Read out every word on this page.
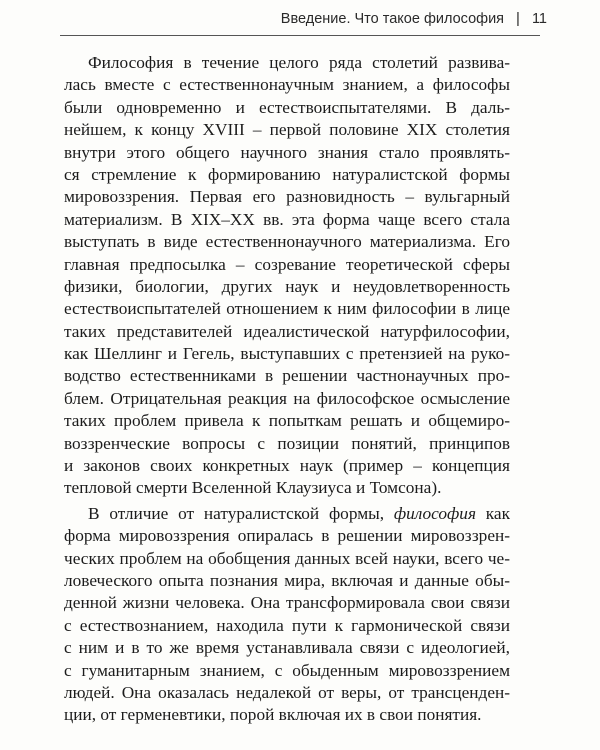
Введение. Что такое философия | 11
Философия в течение целого ряда столетий развива-
лась вместе с естественнонаучным знанием, а философы
были одновременно и естествоиспытателями. В даль-
нейшем, к концу XVIII – первой половине XIX столетия
внутри этого общего научного знания стало проявлять-
ся стремление к формированию натуралистской формы
мировоззрения. Первая его разновидность – вульгарный
материализм. В XIX–XX вв. эта форма чаще всего стала
выступать в виде естественнонаучного материализма. Его
главная предпосылка – созревание теоретической сферы
физики, биологии, других наук и неудовлетворенность
естествоиспытателей отношением к ним философии в лице
таких представителей идеалистической натурфилософии,
как Шеллинг и Гегель, выступавших с претензией на руко-
водство естественниками в решении частнонаучных про-
блем. Отрицательная реакция на философское осмысление
таких проблем привела к попыткам решать и общемиро-
воззренческие вопросы с позиции понятий, принципов
и законов своих конкретных наук (пример – концепция
тепловой смерти Вселенной Клаузиуса и Томсона).
В отличие от натуралистской формы, философия как
форма мировоззрения опиралась в решении мировоззрен-
ческих проблем на обобщения данных всей науки, всего че-
ловеческого опыта познания мира, включая и данные обы-
денной жизни человека. Она трансформировала свои связи
с естествознанием, находила пути к гармонической связи
с ним и в то же время устанавливала связи с идеологией,
с гуманитарным знанием, с обыденным мировоззрением
людей. Она оказалась недалекой от веры, от трансценден-
ции, от герменевтики, порой включая их в свои понятия.
